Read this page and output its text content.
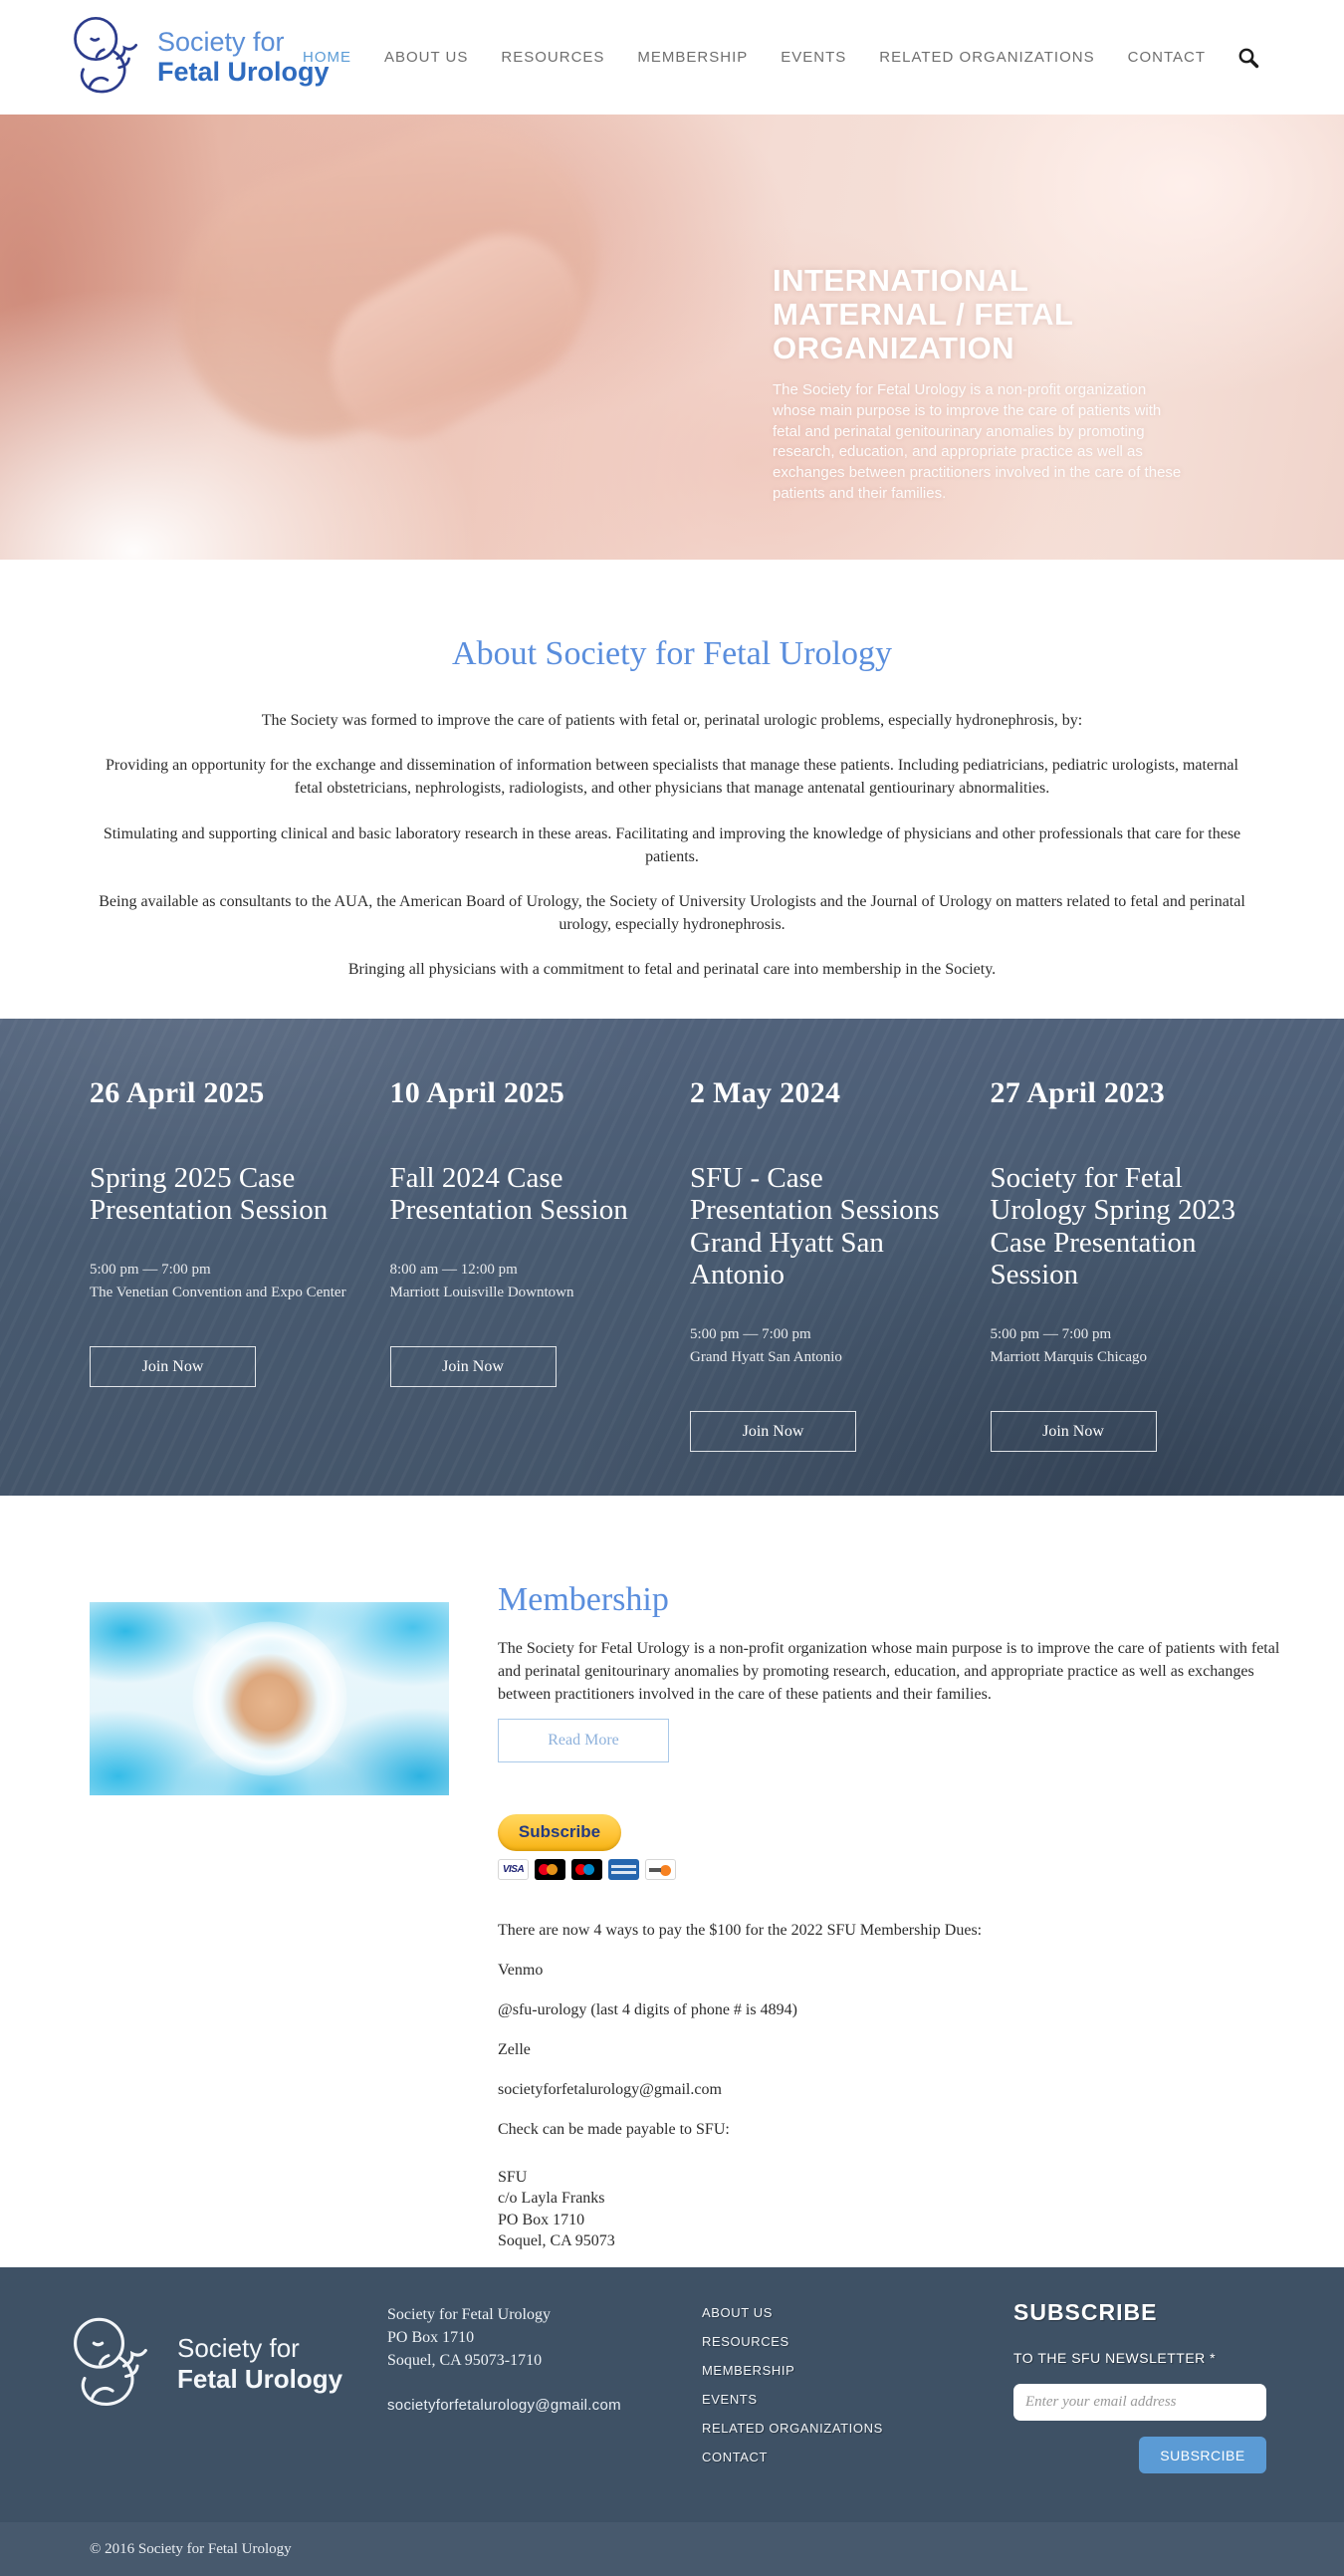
Society for
Fetal Urology
HOME ABOUT US RESOURCES MEMBERSHIP EVENTS RELATED ORGANIZATIONS CONTACT
INTERNATIONAL MATERNAL / FETAL ORGANIZATION

The Society for Fetal Urology is a non-profit organization whose main purpose is to improve the care of patients with fetal and perinatal genitourinary anomalies by promoting research, education, and appropriate practice as well as exchanges between practitioners involved in the care of these patients and their families.

About Society for Fetal Urology

The Society was formed to improve the care of patients with fetal or, perinatal urologic problems, especially hydronephrosis, by:

Providing an opportunity for the exchange and dissemination of information between specialists that manage these patients. Including pediatricians, pediatric urologists, maternal fetal obstetricians, nephrologists, radiologists, and other physicians that manage antenatal gentiourinary abnormalities.

Stimulating and supporting clinical and basic laboratory research in these areas. Facilitating and improving the knowledge of physicians and other professionals that care for these patients.

Being available as consultants to the AUA, the American Board of Urology, the Society of University Urologists and the Journal of Urology on matters related to fetal and perinatal urology, especially hydronephrosis.

Bringing all physicians with a commitment to fetal and perinatal care into membership in the Society.

26 April 2025
Spring 2025 Case Presentation Session

5:00 pm — 7:00 pm

The Venetian Convention and Expo Center

Join Now
10 April 2025
Fall 2024 Case Presentation Session

8:00 am — 12:00 pm

Marriott Louisville Downtown

Join Now
2 May 2024
SFU - Case Presentation Sessions Grand Hyatt San Antonio

5:00 pm — 7:00 pm

Grand Hyatt San Antonio

Join Now
27 April 2023
Society for Fetal Urology Spring 2023 Case Presentation Session

5:00 pm — 7:00 pm

Marriott Marquis Chicago

Join Now
Membership

The Society for Fetal Urology is a non-profit organization whose main purpose is to improve the care of patients with fetal and perinatal genitourinary anomalies by promoting research, education, and appropriate practice as well as exchanges between practitioners involved in the care of these patients and their families.

Read More
Subscribe
VISA

There are now 4 ways to pay the $100 for the 2022 SFU Membership Dues:

Venmo

@sfu-urology (last 4 digits of phone # is 4894)

Zelle

societyforfetalurology@gmail.com

Check can be made payable to SFU:

SFU

c/o Layla Franks

PO Box 1710

Soquel, CA 95073

Society for
Fetal Urology

Society for Fetal Urology

PO Box 1710

Soquel, CA 95073-1710

societyforfetalurology@gmail.com

ABOUT US
RESOURCES
MEMBERSHIP
EVENTS
RELATED ORGANIZATIONS
CONTACT
SUBSCRIBE

TO THE SFU NEWSLETTER *

Enter your email address
SUBSRCIBE

© 2016 Society for Fetal Urology
